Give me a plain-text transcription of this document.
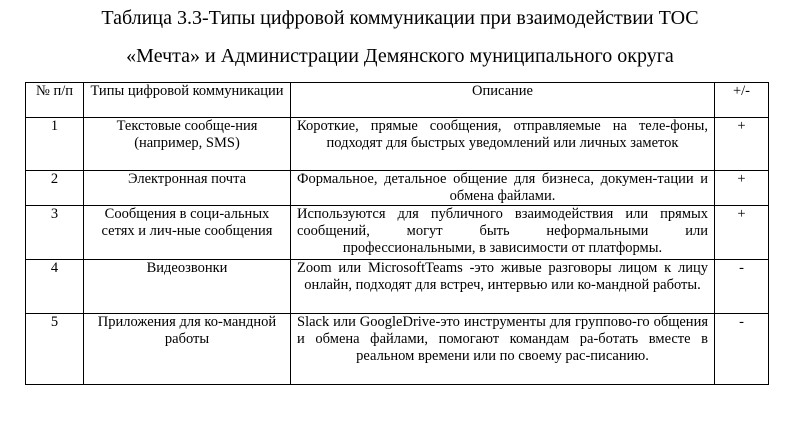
Таблица 3.3-Типы цифровой коммуникации при взаимодействии ТОС
«Мечта» и Администрации Демянского муниципального округа
№ п/п	Типы цифровой коммуникации	Описание	+/-
1	Текстовые сообще-ния (например, SMS)	Короткие, прямые сообщения, отправляемые на теле-фоны, подходят для быстрых уведомлений или личных заметок	+
2	Электронная почта	Формальное, детальное общение для бизнеса, докумен-тации и обмена файлами.	+
3	Сообщения в соци-альных сетях и лич-ные сообщения	Используются для публичного взаимодействия или прямых сообщений, могут быть неформальными или профессиональными, в зависимости от платформы.	+
4	Видеозвонки	Zoom или MicrosoftTeams -это живые разговоры лицом к лицу онлайн, подходят для встреч, интервью или ко-мандной работы.	-
5	Приложения для ко-мандной работы	Slack или GoogleDrive-это инструменты для группово-го общения и обмена файлами, помогают командам ра-ботать вместе в реальном времени или по своему рас-писанию.	-
